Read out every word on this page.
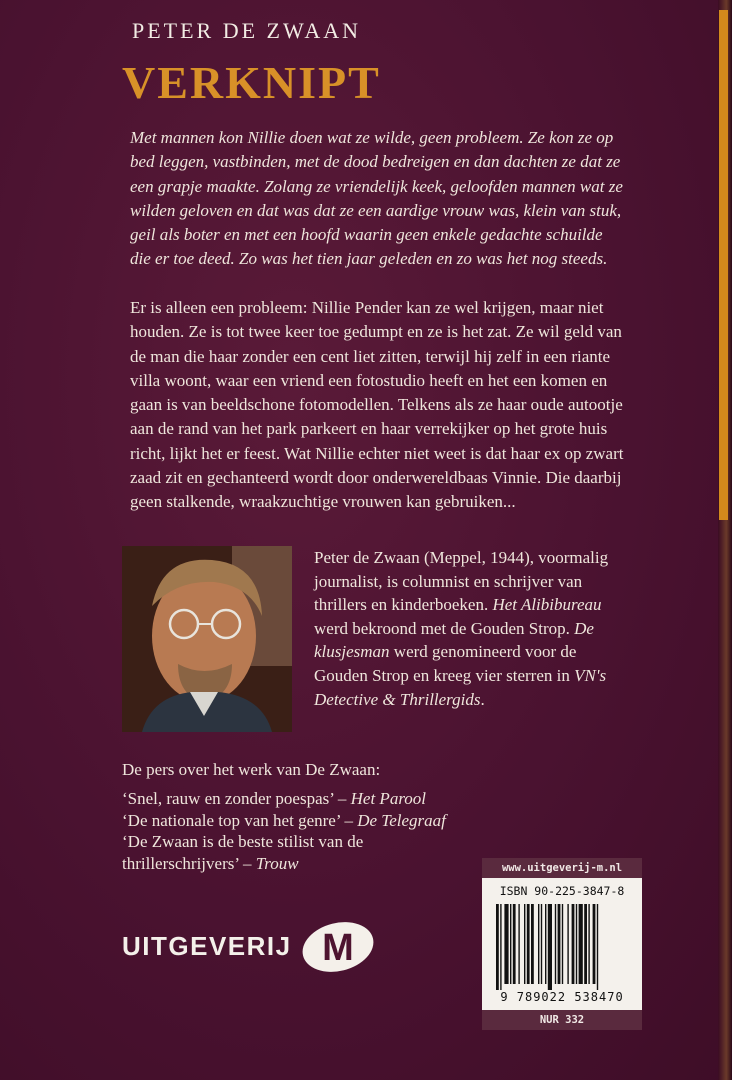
PETER DE ZWAAN
VERKNIPT
Met mannen kon Nillie doen wat ze wilde, geen probleem. Ze kon ze op bed leggen, vastbinden, met de dood bedreigen en dan dachten ze dat ze een grapje maakte. Zolang ze vriendelijk keek, geloofden mannen wat ze wilden geloven en dat was dat ze een aardige vrouw was, klein van stuk, geil als boter en met een hoofd waarin geen enkele gedachte schuilde die er toe deed. Zo was het tien jaar geleden en zo was het nog steeds.
Er is alleen een probleem: Nillie Pender kan ze wel krijgen, maar niet houden. Ze is tot twee keer toe gedumpt en ze is het zat. Ze wil geld van de man die haar zonder een cent liet zitten, terwijl hij zelf in een riante villa woont, waar een vriend een fotostudio heeft en het een komen en gaan is van beeldschone fotomodellen. Telkens als ze haar oude autootje aan de rand van het park parkeert en haar verrekijker op het grote huis richt, lijkt het er feest. Wat Nillie echter niet weet is dat haar ex op zwart zaad zit en gechanteerd wordt door onderwereldbaas Vinnie. Die daarbij geen stalkende, wraakzuchtige vrouwen kan gebruiken...
Peter de Zwaan (Meppel, 1944), voormalig journalist, is columnist en schrijver van thrillers en kinderboeken. Het Alibibureau werd bekroond met de Gouden Strop. De klusjesman werd genomineerd voor de Gouden Strop en kreeg vier sterren in VN's Detective & Thrillergids.
De pers over het werk van De Zwaan:
‘Snel, rauw en zonder poespas’ – Het Parool
‘De nationale top van het genre’ – De Telegraaf
‘De Zwaan is de beste stilist van de thrillerschrijvers’ – Trouw
UITGEVERIJ M
www.uitgeverij-m.nl
ISBN 90-225-3847-8
9 789022 538470
NUR 332
